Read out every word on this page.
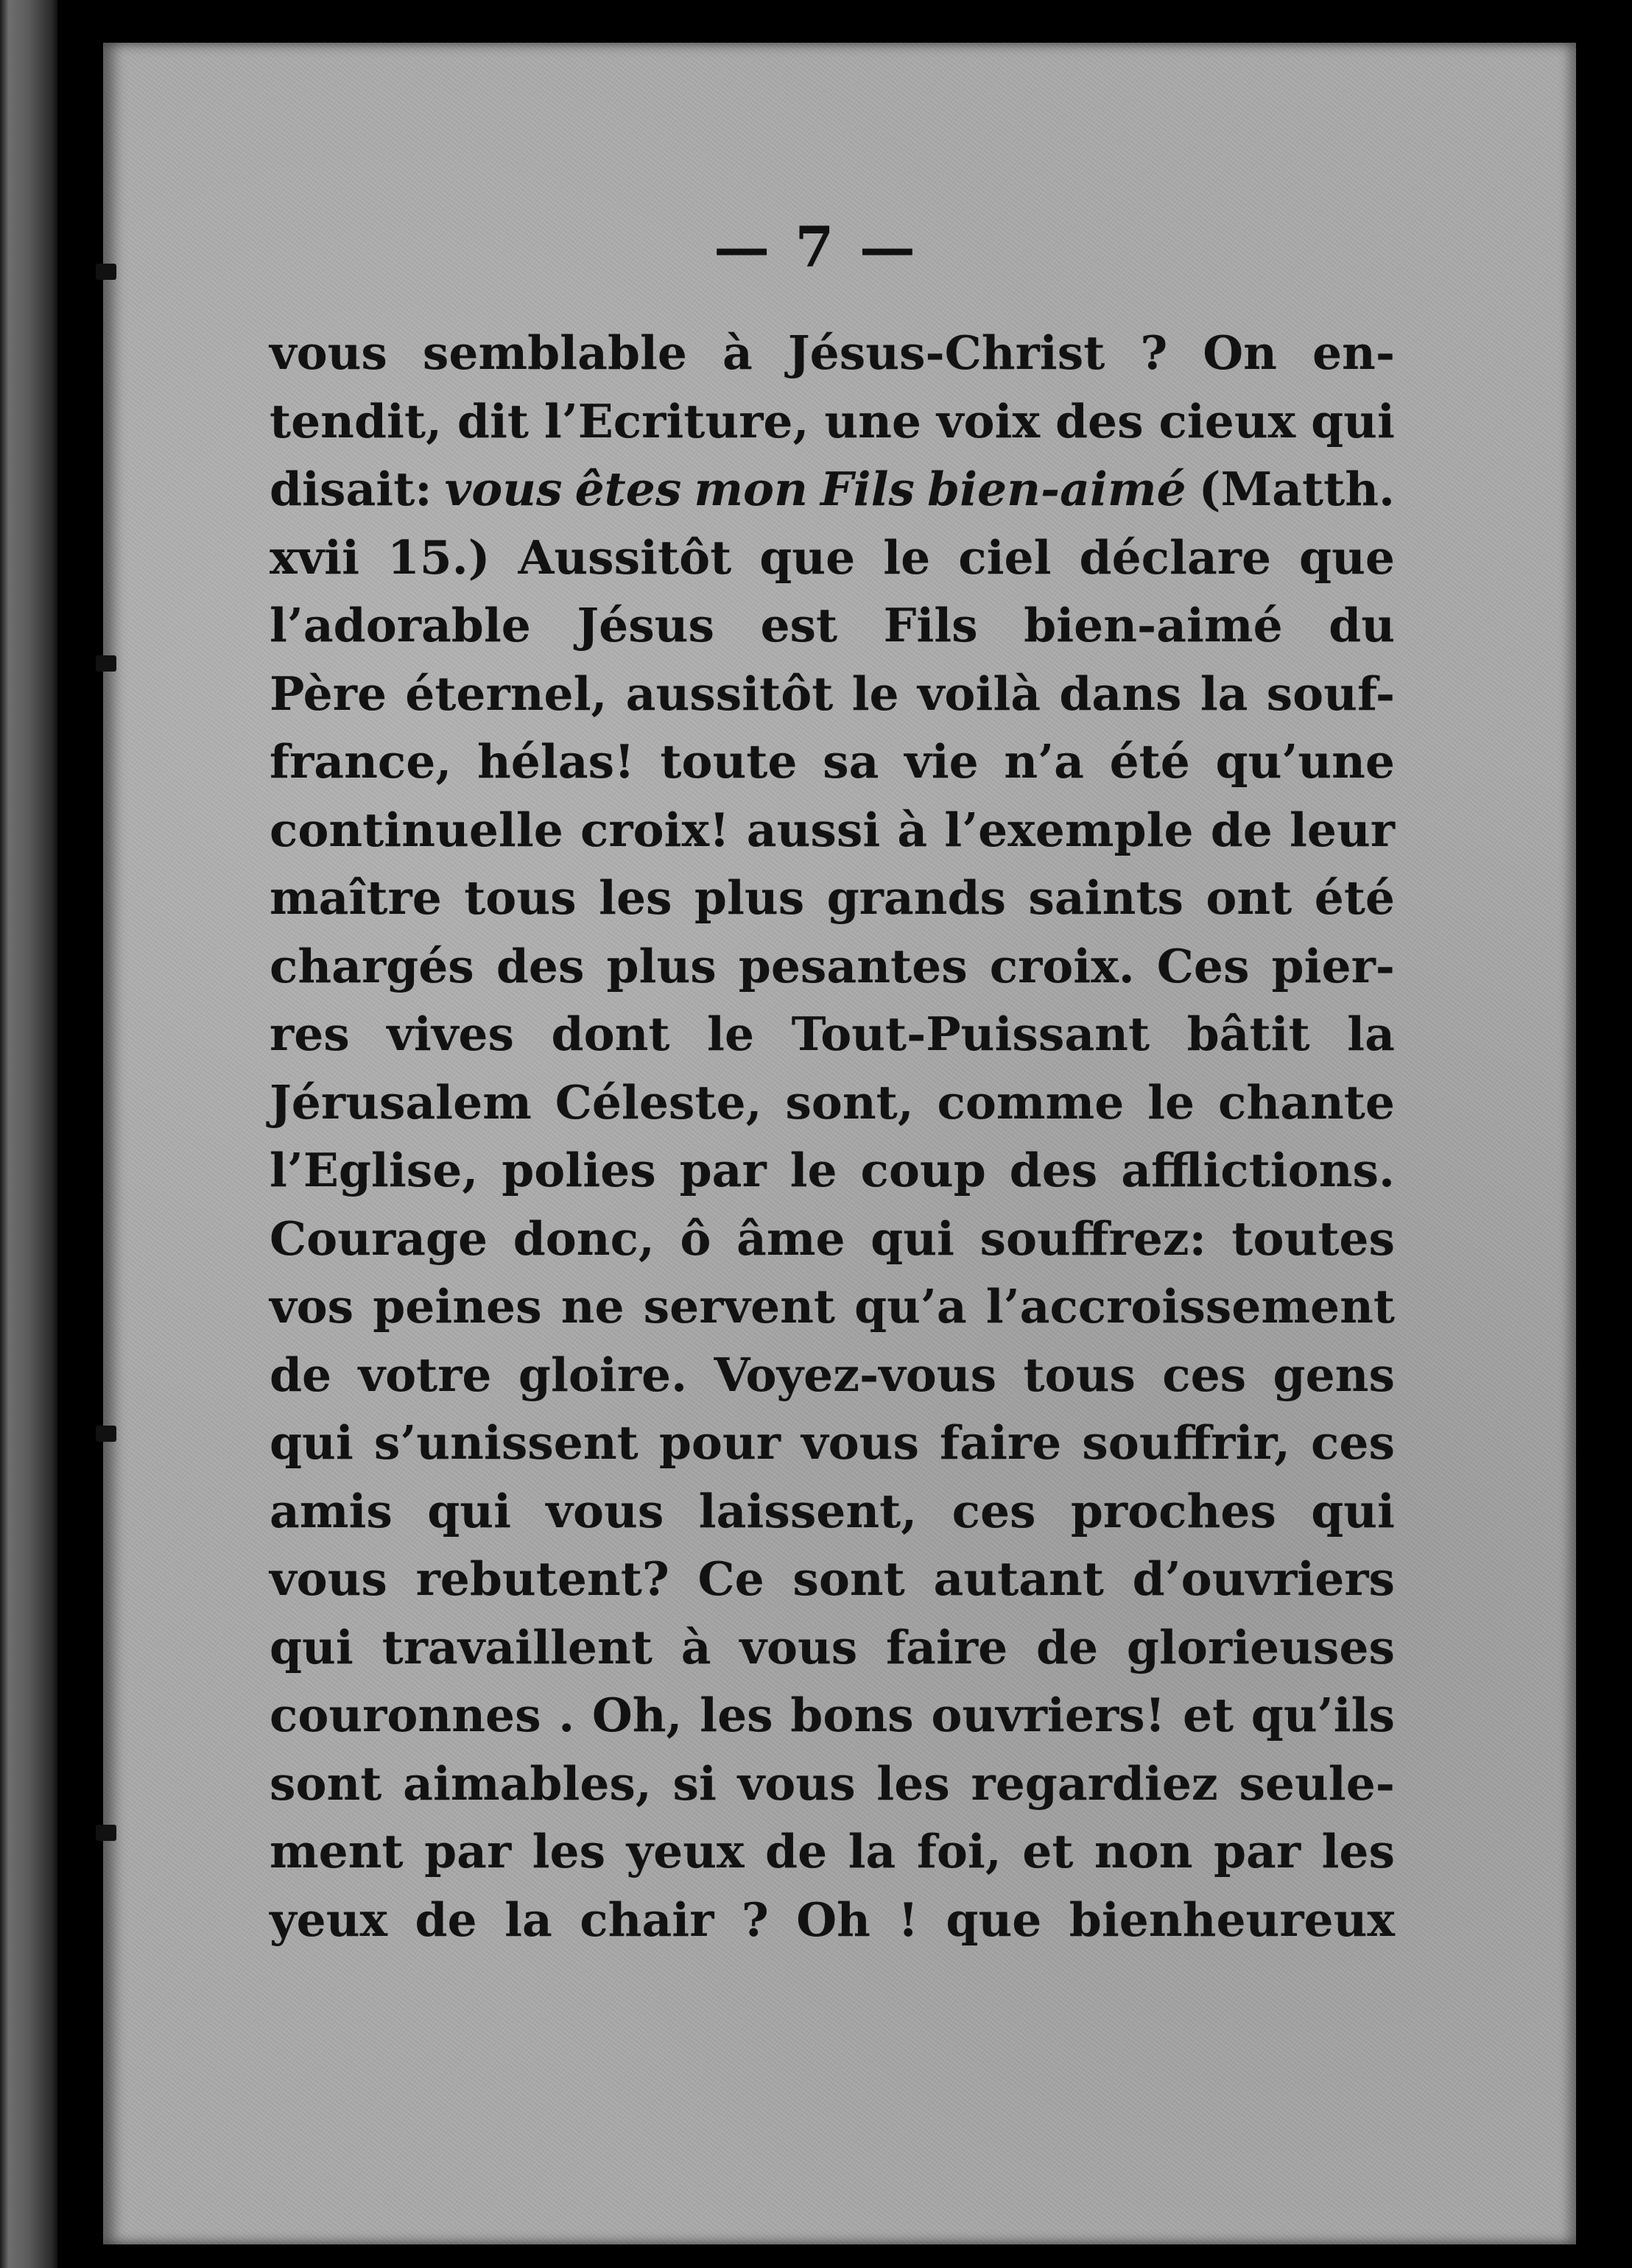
— 7 —
vous semblable à Jésus-Christ ? On en-
tendit, dit l’Ecriture, une voix des cieux qui
disait: vous êtes mon Fils bien-aimé (Matth.
xvii 15.) Aussitôt que le ciel déclare que
l’adorable Jésus est Fils bien-aimé du
Père éternel, aussitôt le voilà dans la souf-
france, hélas! toute sa vie n’a été qu’une
continuelle croix! aussi à l’exemple de leur
maître tous les plus grands saints ont été
chargés des plus pesantes croix. Ces pier-
res vives dont le Tout-Puissant bâtit la
Jérusalem Céleste, sont, comme le chante
l’Eglise, polies par le coup des afflictions.
Courage donc, ô âme qui souffrez: toutes
vos peines ne servent qu’a l’accroissement
de votre gloire. Voyez-vous tous ces gens
qui s’unissent pour vous faire souffrir, ces
amis qui vous laissent, ces proches qui
vous rebutent? Ce sont autant d’ouvriers
qui travaillent à vous faire de glorieuses
couronnes . Oh, les bons ouvriers! et qu’ils
sont aimables, si vous les regardiez seule-
ment par les yeux de la foi, et non par les
yeux de la chair ? Oh ! que bienheureux
